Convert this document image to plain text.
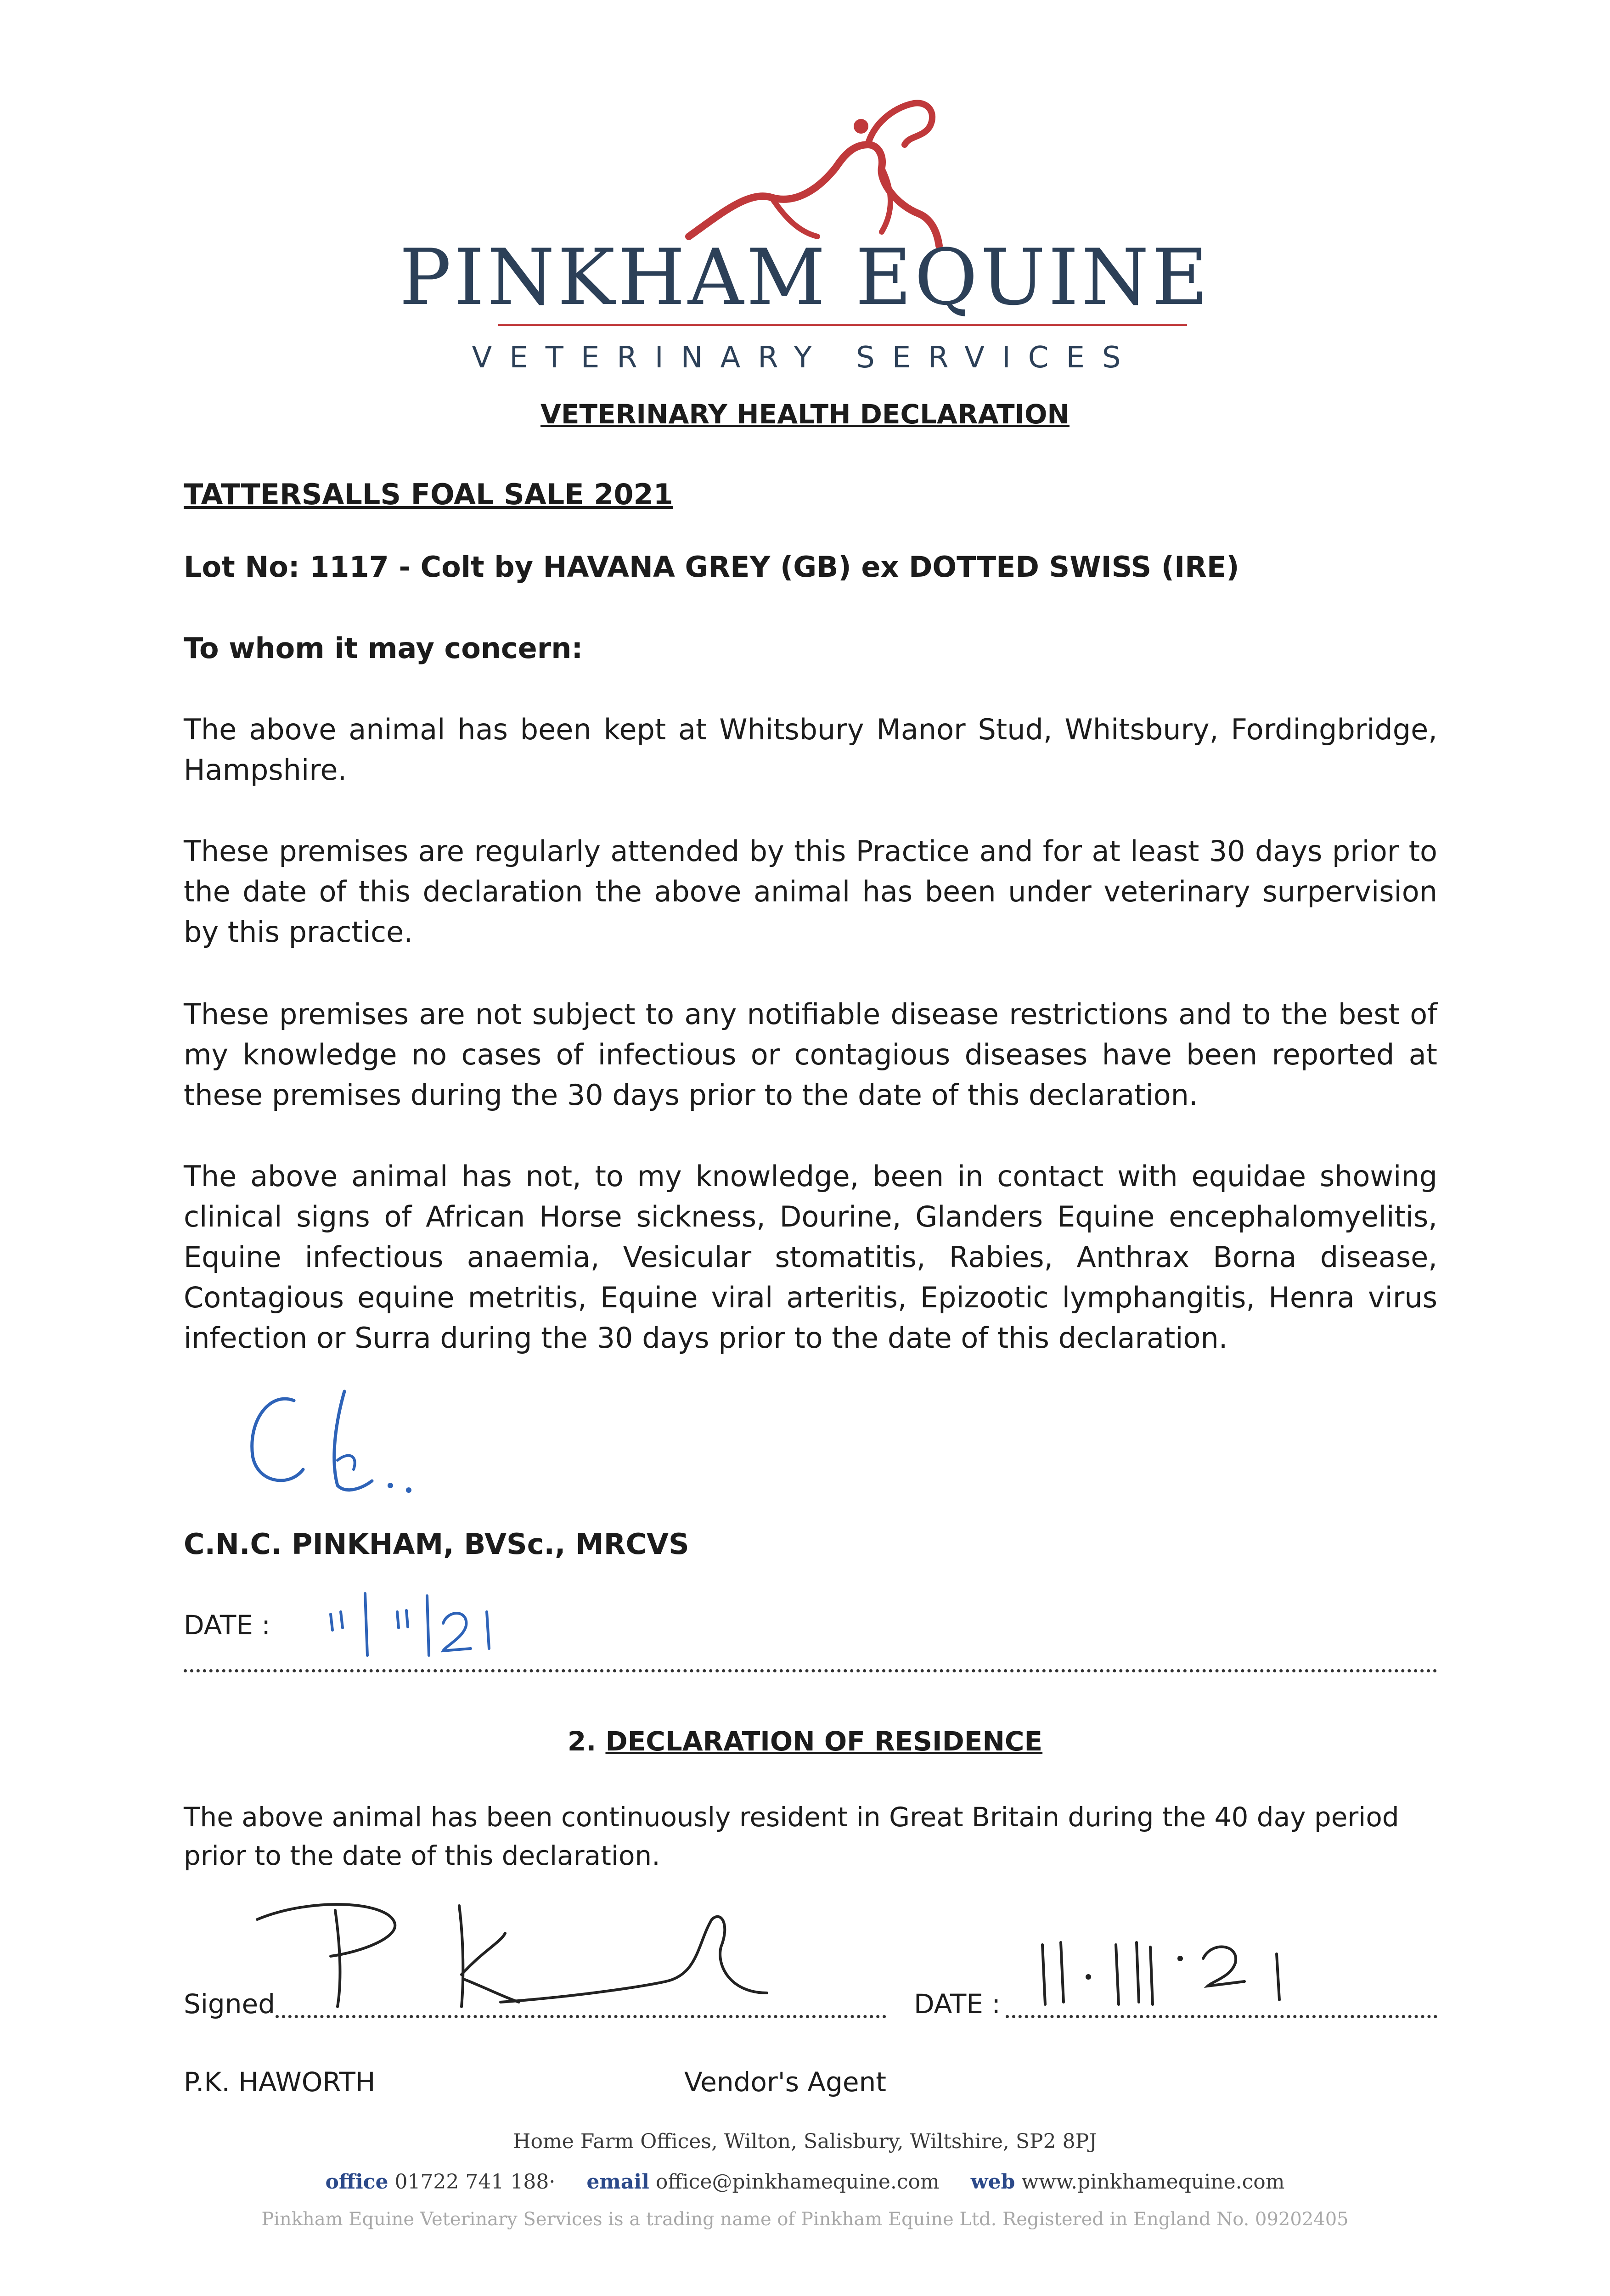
PINKHAM EQUINE
VETERINARY SERVICES
VETERINARY HEALTH DECLARATION
TATTERSALLS FOAL SALE 2021
Lot No: 1117 - Colt by HAVANA GREY (GB) ex DOTTED SWISS (IRE)
To whom it may concern:
The above animal has been kept at Whitsbury Manor Stud, Whitsbury, Fordingbridge, Hampshire.
These premises are regularly attended by this Practice and for at least 30 days prior to the date of this declaration the above animal has been under veterinary surpervision by this practice.
These premises are not subject to any notifiable disease restrictions and to the best of my knowledge no cases of infectious or contagious diseases have been reported at these premises during the 30 days prior to the date of this declaration.
The above animal has not, to my knowledge, been in contact with equidae showing clinical signs of African Horse sickness, Dourine, Glanders Equine encephalomyelitis, Equine infectious anaemia, Vesicular stomatitis, Rabies, Anthrax Borna disease, Contagious equine metritis, Equine viral arteritis, Epizootic lymphangitis, Henra virus infection or Surra during the 30 days prior to the date of this declaration.
C.N.C. PINKHAM, BVSc., MRCVS
DATE :
2. DECLARATION OF RESIDENCE
The above animal has been continuously resident in Great Britain during the 40 day period prior to the date of this declaration.
Signed	DATE :
P.K. HAWORTH	Vendor's Agent
Home Farm Offices, Wilton, Salisbury, Wiltshire, SP2 8PJ
office 01722 741 188· email office@pinkhamequine.com web www.pinkhamequine.com
Pinkham Equine Veterinary Services is a trading name of Pinkham Equine Ltd. Registered in England No. 09202405
